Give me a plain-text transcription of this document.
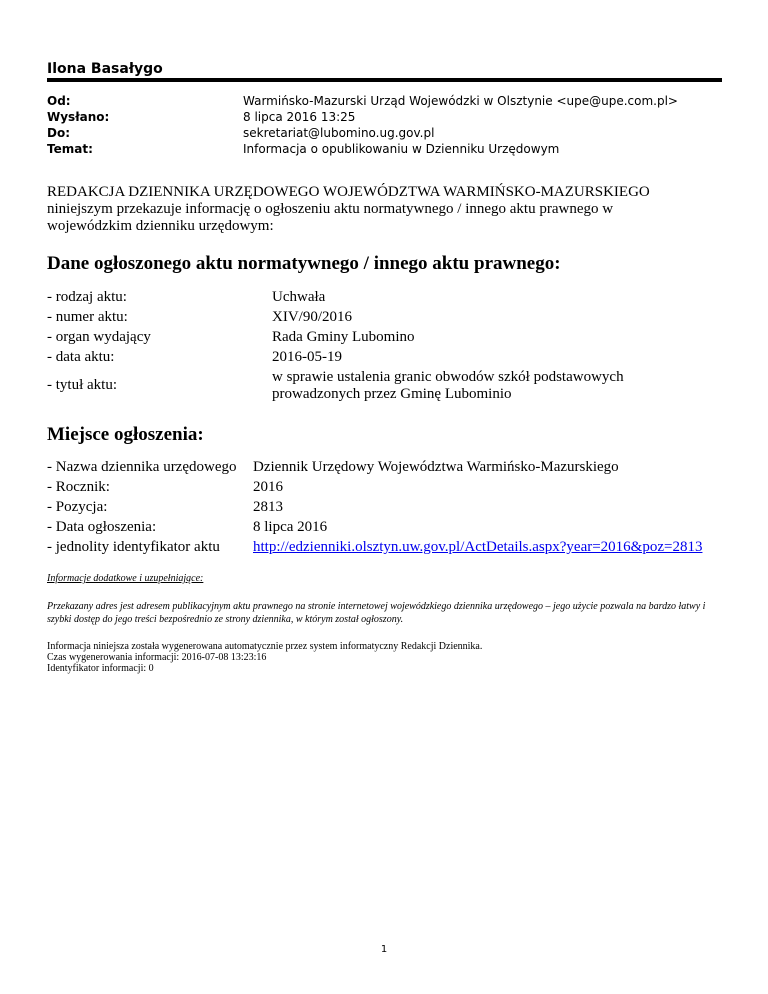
Ilona Basałygo
Od:	Warmińsko-Mazurski Urząd Wojewódzki w Olsztynie <upe@upe.com.pl>
Wysłano:	8 lipca 2016 13:25
Do:	sekretariat@lubomino.ug.gov.pl
Temat:	Informacja o opublikowaniu w Dzienniku Urzędowym
REDAKCJA DZIENNIKA URZĘDOWEGO WOJEWÓDZTWA WARMIŃSKO-MAZURSKIEGO
niniejszym przekazuje informację o ogłoszeniu aktu normatywnego / innego aktu prawnego w
wojewódzkim dzienniku urzędowym:
Dane ogłoszonego aktu normatywnego / innego aktu prawnego:
- rodzaj aktu:	Uchwała
- numer aktu:	XIV/90/2016
- organ wydający	Rada Gminy Lubomino
- data aktu:	2016-05-19
- tytuł aktu:	w sprawie ustalenia granic obwodów szkół podstawowych prowadzonych przez Gminę Lubominio
Miejsce ogłoszenia:
- Nazwa dziennika urzędowego Dziennik Urzędowy Województwa Warmińsko-Mazurskiego
- Rocznik:	2016
- Pozycja:	2813
- Data ogłoszenia:	8 lipca 2016
- jednolity identyfikator aktu http://edzienniki.olsztyn.uw.gov.pl/ActDetails.aspx?year=2016&poz=2813
Informacje dodatkowe i uzupełniające:
Przekazany adres jest adresem publikacyjnym aktu prawnego na stronie internetowej wojewódzkiego dziennika urzędowego – jego użycie pozwala na bardzo łatwy i szybki dostęp do jego treści bezpośrednio ze strony dziennika, w którym został ogłoszony.
Informacja niniejsza została wygenerowana automatycznie przez system informatyczny Redakcji Dziennika.
Czas wygenerowania informacji: 2016-07-08 13:23:16
Identyfikator informacji: 0
1
